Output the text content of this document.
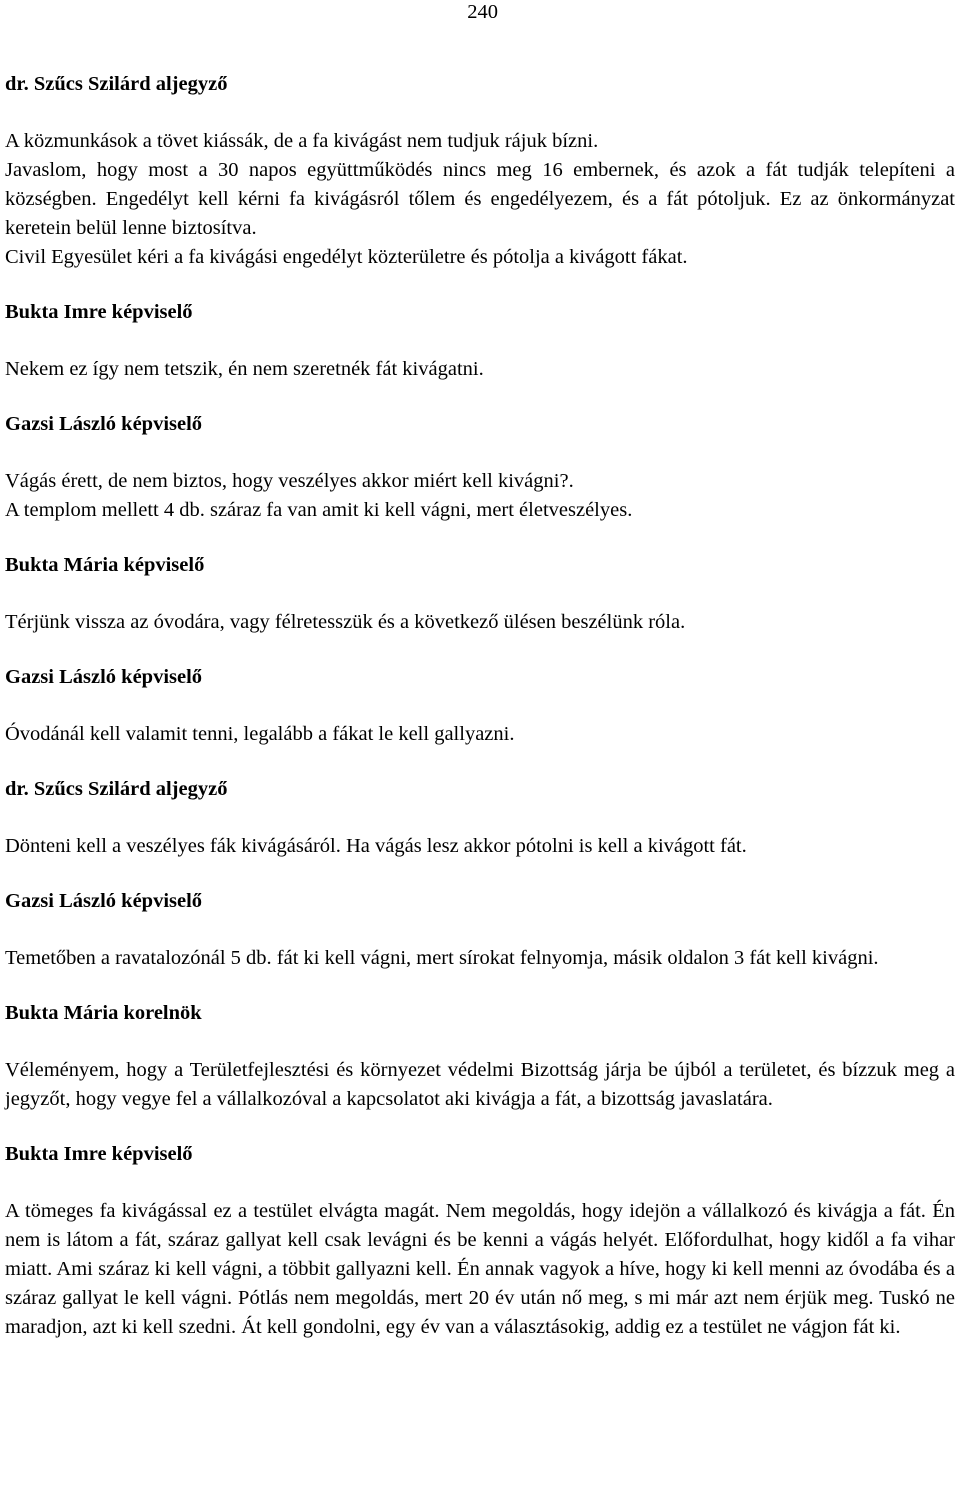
240

dr. Szűcs Szilárd aljegyző

A közmunkások a tövet kiássák, de a fa kivágást nem tudjuk rájuk bízni.

Javaslom, hogy most a 30 napos együttműködés nincs meg 16 embernek, és azok a fát tudják telepíteni a községben. Engedélyt kell kérni fa kivágásról tőlem és engedélyezem, és a fát pótoljuk. Ez az önkormányzat keretein belül lenne biztosítva.

Civil Egyesület kéri a fa kivágási engedélyt közterületre és pótolja a kivágott fákat.

Bukta Imre képviselő

Nekem ez így nem tetszik, én nem szeretnék fát kivágatni.

Gazsi László képviselő

Vágás érett, de nem biztos, hogy veszélyes akkor miért kell kivágni?.

A templom mellett 4 db. száraz fa van amit ki kell vágni, mert életveszélyes.

Bukta Mária képviselő

Térjünk vissza az óvodára, vagy félretesszük és a következő ülésen beszélünk róla.

Gazsi László képviselő

Óvodánál kell valamit tenni, legalább a fákat le kell gallyazni.

dr. Szűcs Szilárd aljegyző

Dönteni kell a veszélyes fák kivágásáról. Ha vágás lesz akkor pótolni is kell a kivágott fát.

Gazsi László képviselő

Temetőben a ravatalozónál 5 db. fát ki kell vágni, mert sírokat felnyomja, másik oldalon 3 fát kell kivágni.

Bukta Mária korelnök

Véleményem, hogy a Területfejlesztési és környezet védelmi Bizottság járja be újból a területet, és bízzuk meg a jegyzőt, hogy vegye fel a vállalkozóval a kapcsolatot aki kivágja a fát, a bizottság javaslatára.

Bukta Imre képviselő

A tömeges fa kivágással ez a testület elvágta magát. Nem megoldás, hogy idejön a vállalkozó és kivágja a fát. Én nem is látom a fát, száraz gallyat kell csak levágni és be kenni a vágás helyét. Előfordulhat, hogy kidől a fa vihar miatt. Ami száraz ki kell vágni, a többit gallyazni kell. Én annak vagyok a híve, hogy ki kell menni az óvodába és a száraz gallyat le kell vágni. Pótlás nem megoldás, mert 20 év után nő meg, s mi már azt nem érjük meg. Tuskó ne maradjon, azt ki kell szedni. Át kell gondolni, egy év van a választásokig, addig ez a testület ne vágjon fát ki.
